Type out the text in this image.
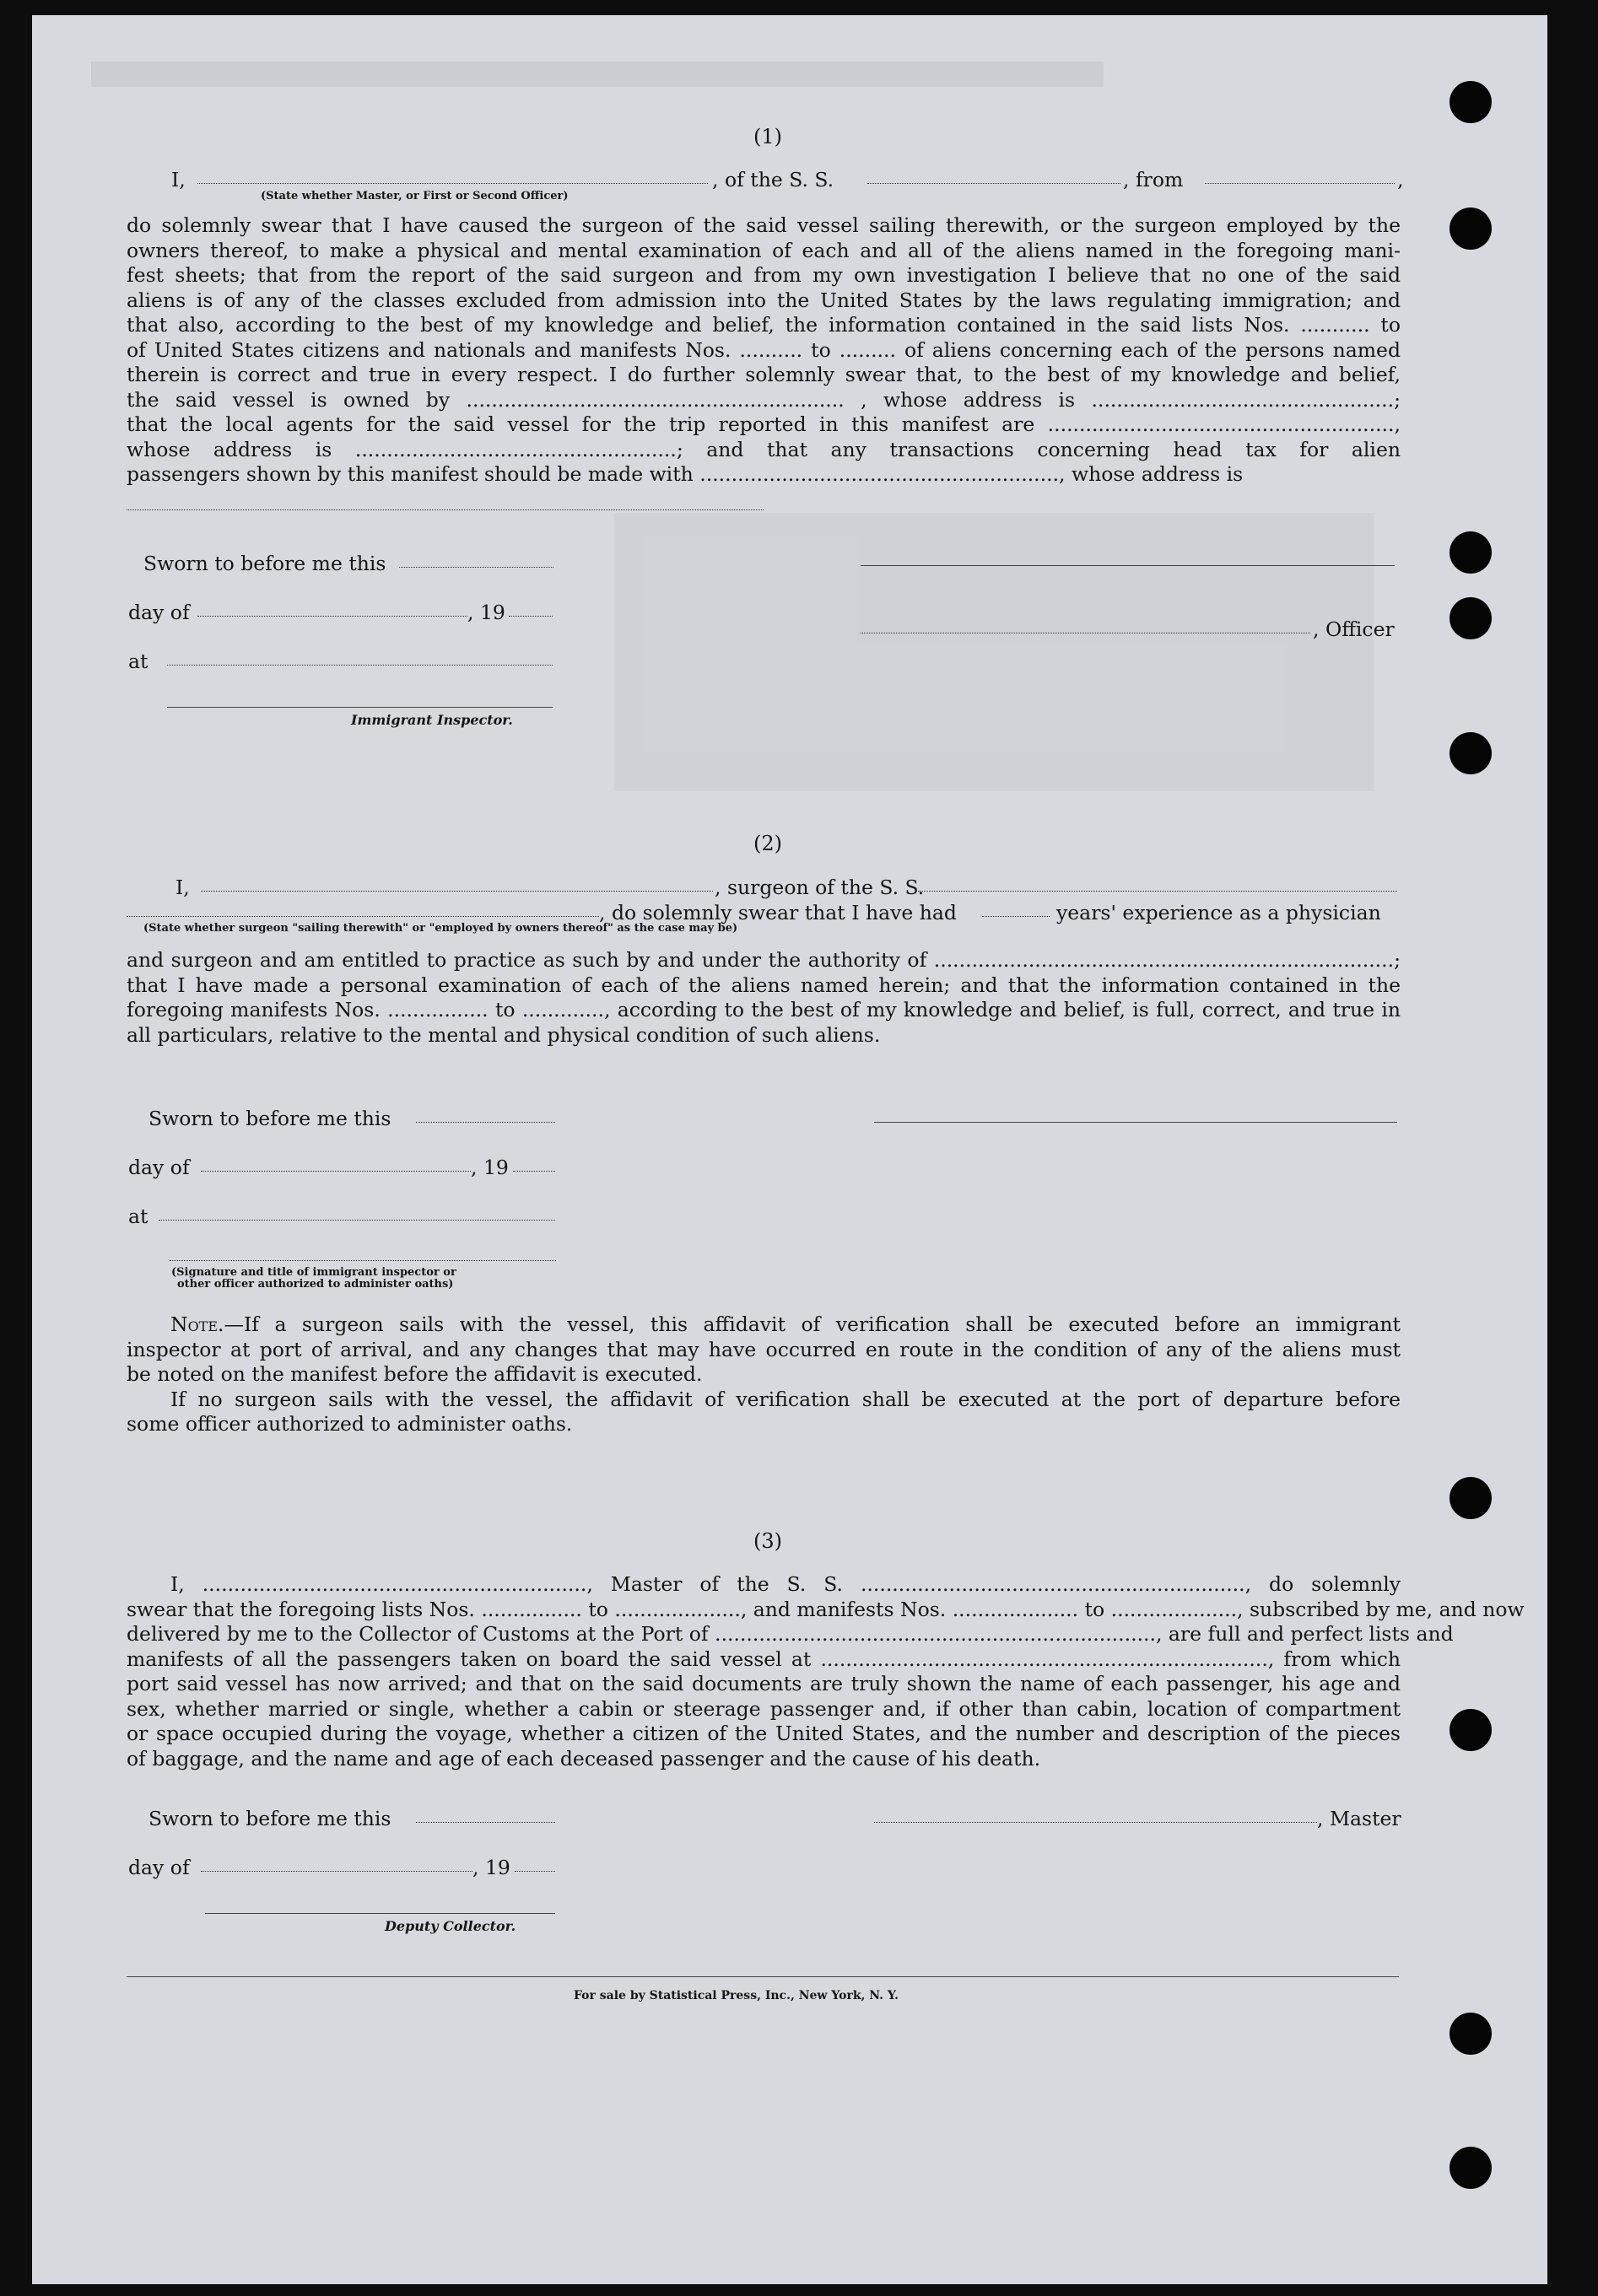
(1)
I,	, of the S. S.	, from	,
(State whether Master, or First or Second Officer)

do solemnly swear that I have caused the surgeon of the said vessel sailing therewith, or the surgeon employed by the

owners thereof, to make a physical and mental examination of each and all of the aliens named in the foregoing mani-

fest sheets; that from the report of the said surgeon and from my own investigation I believe that no one of the said

aliens is of any of the classes excluded from admission into the United States by the laws regulating immigration; and

that also, according to the best of my knowledge and belief, the information contained in the said lists Nos. ........... to

of United States citizens and nationals and manifests Nos. .......... to ......... of aliens concerning each of the persons named

therein is correct and true in every respect. I do further solemnly swear that, to the best of my knowledge and belief,

the said vessel is owned by ............................................................ , whose address is ................................................;

that the local agents for the said vessel for the trip reported in this manifest are .......................................................,

whose address is ...................................................; and that any transactions concerning head tax for alien

passengers shown by this manifest should be made with ........................................................., whose address is

Sworn to before me this
day of	, 19
at
Immigrant Inspector.
, Officer
(2)
I,	, surgeon of the S. S.
, do solemnly swear that I have had	years' experience as a physician
(State whether surgeon "sailing therewith" or "employed by owners thereof" as the case may be)

and surgeon and am entitled to practice as such by and under the authority of .........................................................................;

that I have made a personal examination of each of the aliens named herein; and that the information contained in the

foregoing manifests Nos. ................ to ............., according to the best of my knowledge and belief, is full, correct, and true in

all particulars, relative to the mental and physical condition of such aliens.

Sworn to before me this
day of	, 19
at
(Signature and title of immigrant inspector or
other officer authorized to administer oaths)

Note.—If a surgeon sails with the vessel, this affidavit of verification shall be executed before an immigrant

inspector at port of arrival, and any changes that may have occurred en route in the condition of any of the aliens must

be noted on the manifest before the affidavit is executed.

If no surgeon sails with the vessel, the affidavit of verification shall be executed at the port of departure before

some officer authorized to administer oaths.

(3)

I, ............................................................., Master of the S. S. ............................................................., do solemnly

swear that the foregoing lists Nos. ................ to ...................., and manifests Nos. .................... to ...................., subscribed by me, and now

delivered by me to the Collector of Customs at the Port of ......................................................................, are full and perfect lists and

manifests of all the passengers taken on board the said vessel at ......................................................................., from which

port said vessel has now arrived; and that on the said documents are truly shown the name of each passenger, his age and

sex, whether married or single, whether a cabin or steerage passenger and, if other than cabin, location of compartment

or space occupied during the voyage, whether a citizen of the United States, and the number and description of the pieces

of baggage, and the name and age of each deceased passenger and the cause of his death.

Sworn to before me this	, Master
day of	, 19
Deputy Collector.
For sale by Statistical Press, Inc., New York, N. Y.
